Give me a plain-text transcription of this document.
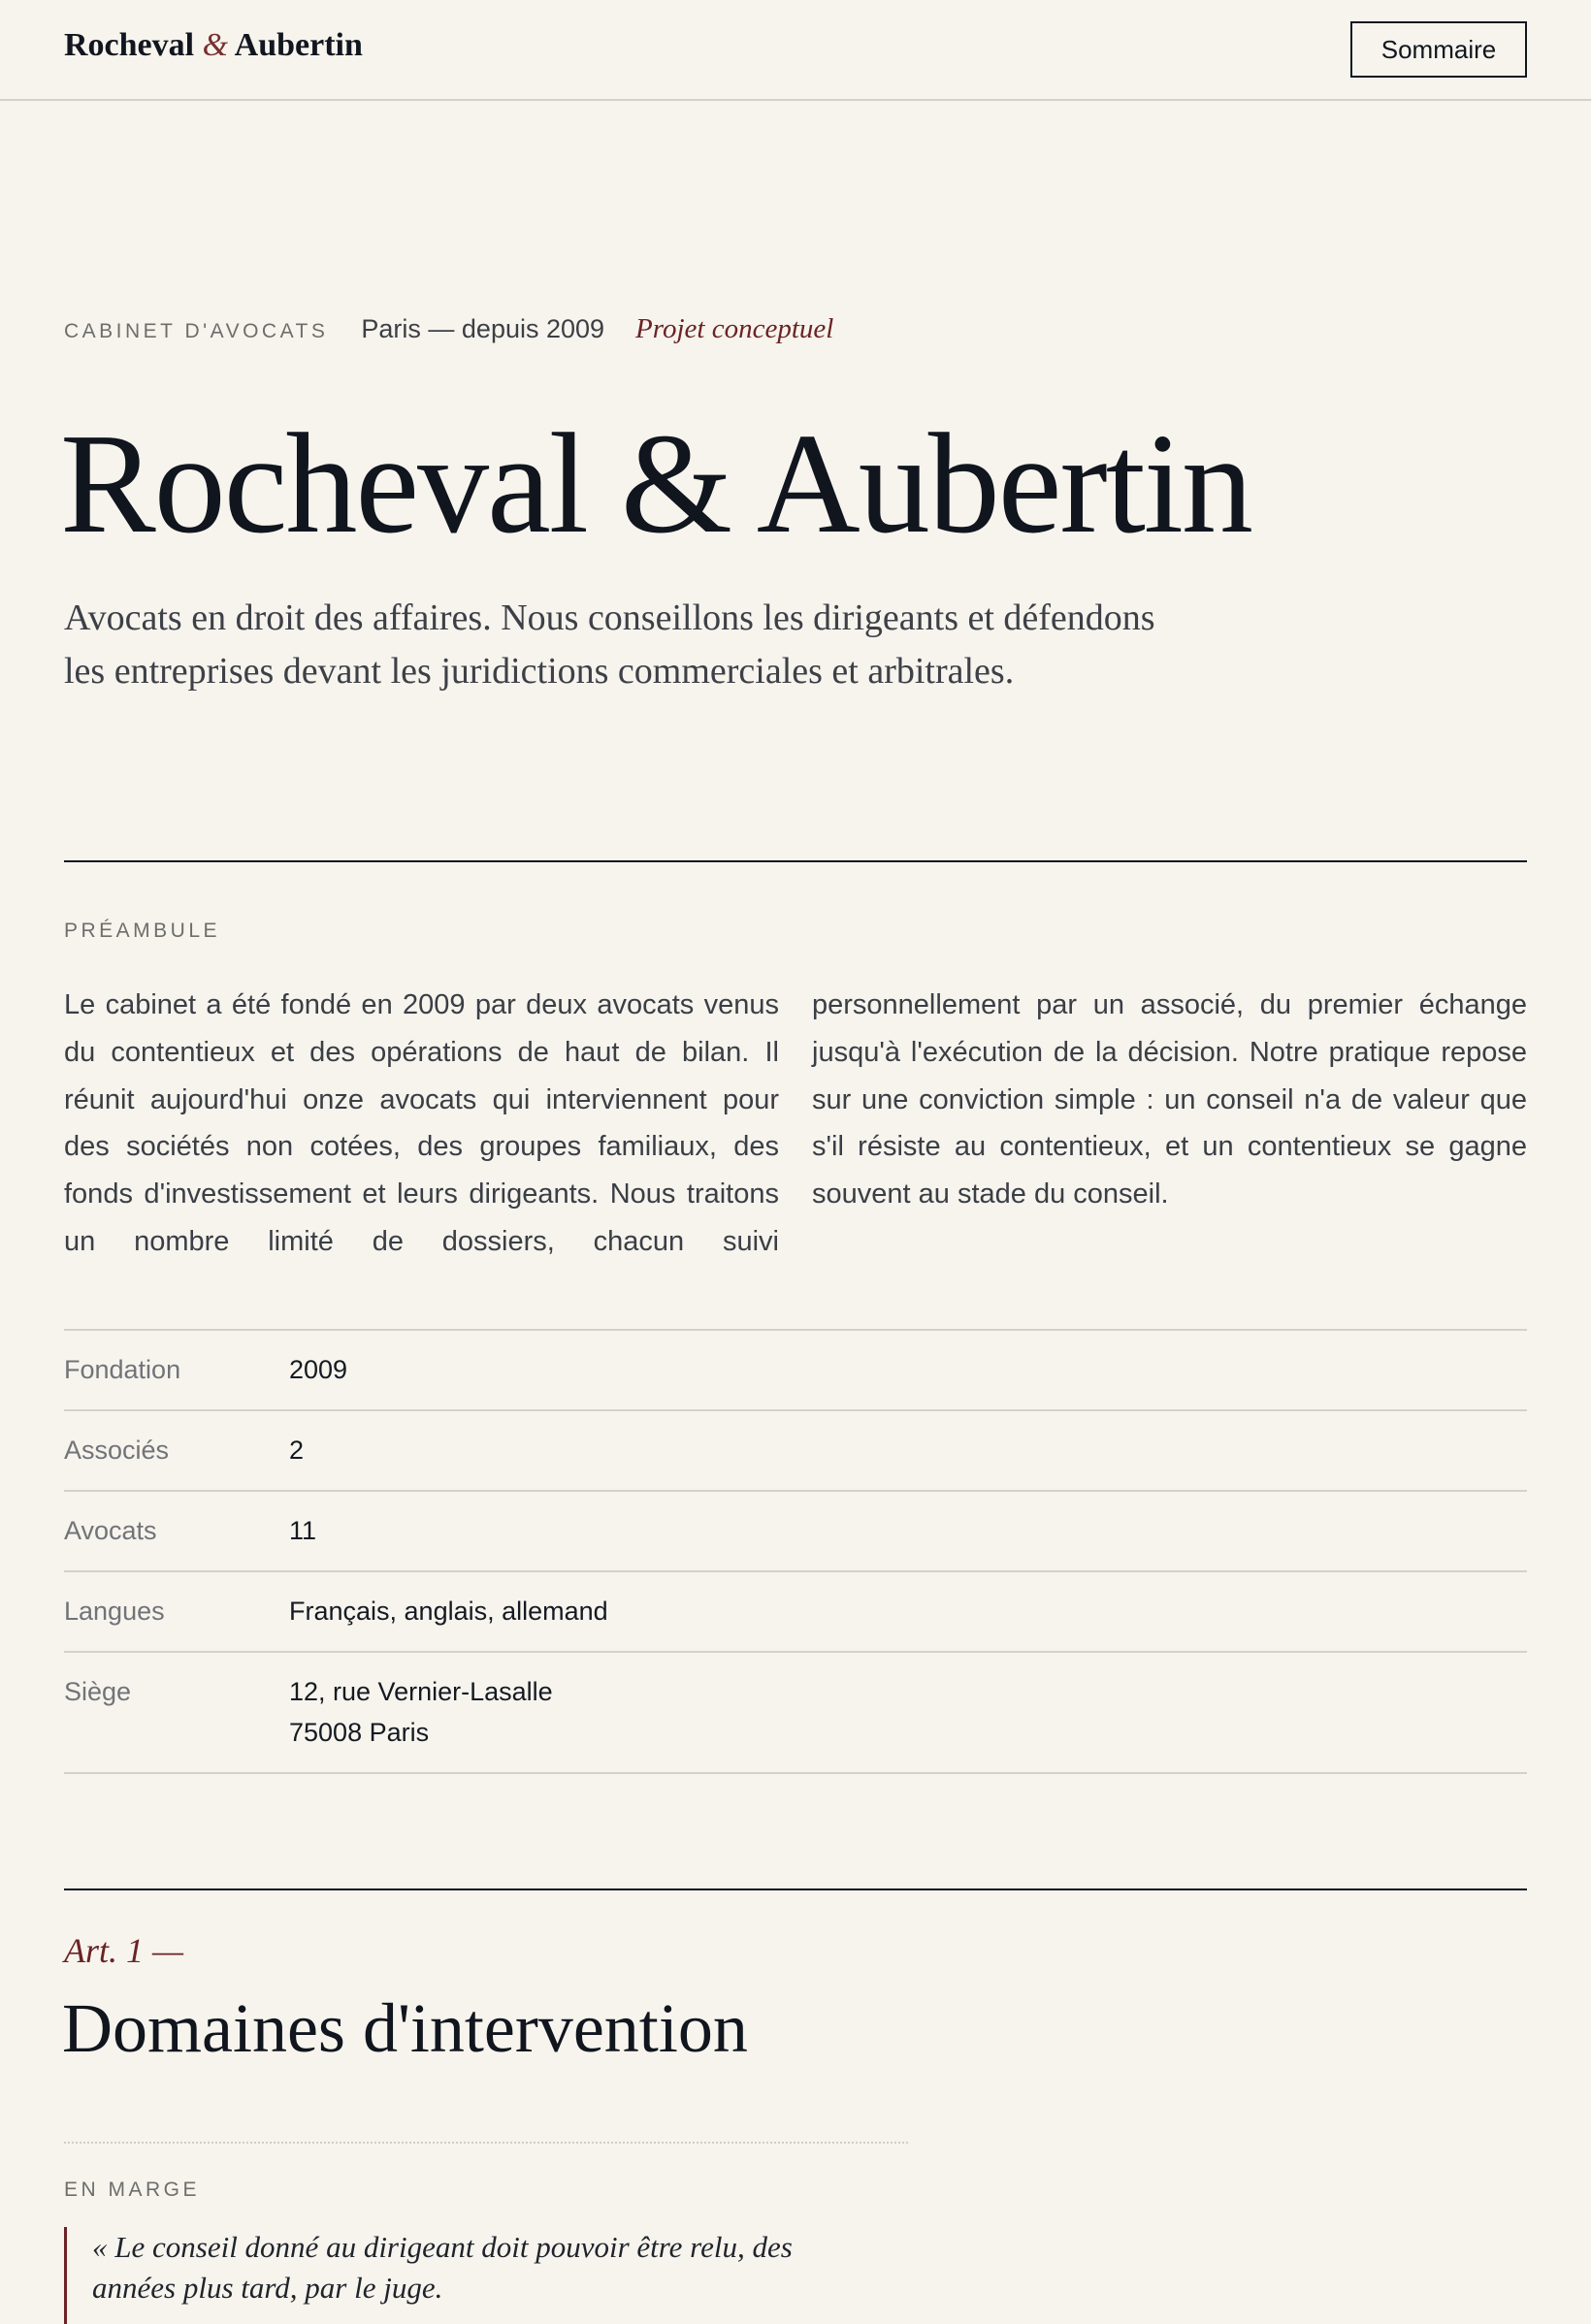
Rocheval & Aubertin	Sommaire
CABINET D'AVOCATS Paris — depuis 2009 Projet conceptuel
Rocheval & Aubertin

Avocats en droit des affaires. Nous conseillons les dirigeants et défendons les entreprises devant les juridictions commerciales et arbitrales.

PRÉAMBULE

Le cabinet a été fondé en 2009 par deux avocats venus du contentieux et des opérations de haut de bilan. Il réunit aujourd'hui onze avocats qui interviennent pour des sociétés non cotées, des groupes familiaux, des fonds d'investissement et leurs dirigeants. Nous traitons un nombre limité de dossiers, chacun suivi personnellement par un associé, du premier échange jusqu'à l'exécution de la décision. Notre pratique repose sur une conviction simple : un conseil n'a de valeur que s'il résiste au contentieux, et un contentieux se gagne souvent au stade du conseil.

Fondation	2009
Associés	2
Avocats	11
Langues	Français, anglais, allemand
Siège	12, rue Vernier-Lasalle
75008 Paris
Art. 1 —
Domaines d'intervention
EN MARGE
« Le conseil donné au dirigeant doit pouvoir être relu, des années plus tard, par le juge.
